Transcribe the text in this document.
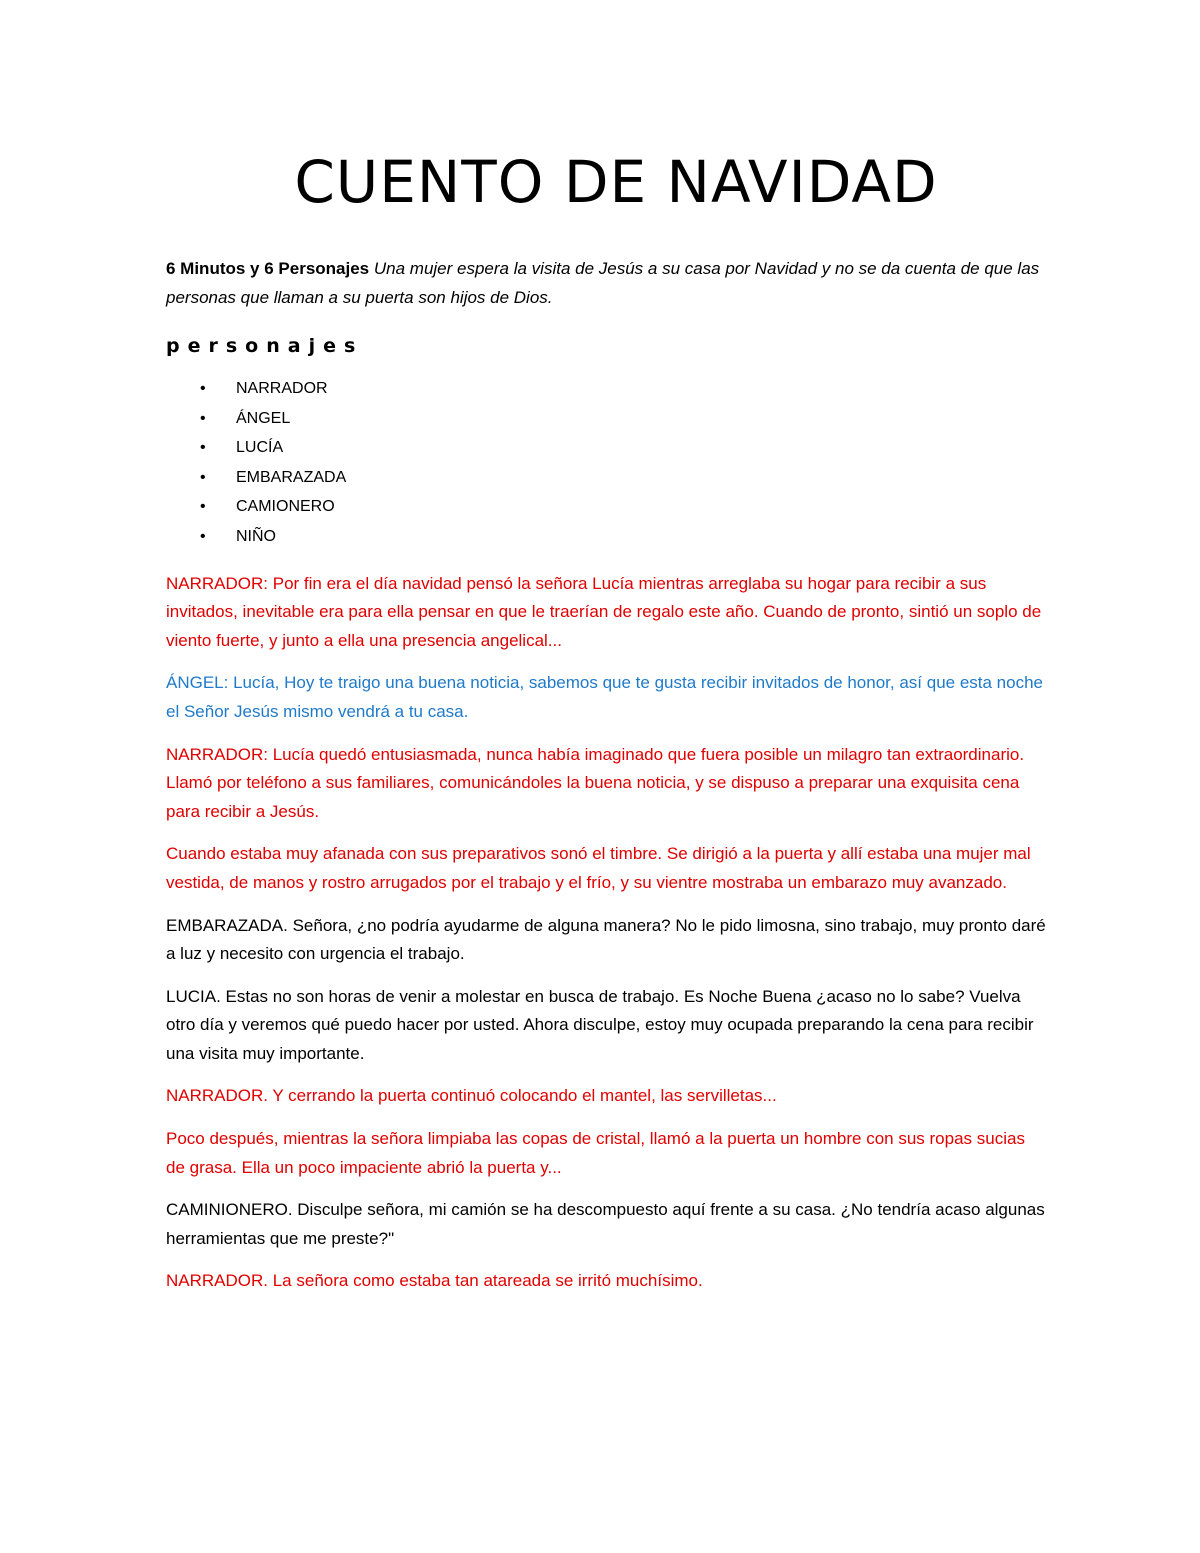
CUENTO DE NAVIDAD

6 Minutos y 6 Personajes Una mujer espera la visita de Jesús a su casa por Navidad y no se da cuenta de que las personas que llaman a su puerta son hijos de Dios.

personajes
• NARRADOR
• ÁNGEL
• LUCÍA
• EMBARAZADA
• CAMIONERO
• NIÑO

NARRADOR: Por fin era el día navidad pensó la señora Lucía mientras arreglaba su hogar para recibir a sus invitados, inevitable era para ella pensar en que le traerían de regalo este año. Cuando de pronto, sintió un soplo de viento fuerte, y junto a ella una presencia angelical...

ÁNGEL: Lucía, Hoy te traigo una buena noticia, sabemos que te gusta recibir invitados de honor, así que esta noche el Señor Jesús mismo vendrá a tu casa.

NARRADOR: Lucía quedó entusiasmada, nunca había imaginado que fuera posible un milagro tan extraordinario. Llamó por teléfono a sus familiares, comunicándoles la buena noticia, y se dispuso a preparar una exquisita cena para recibir a Jesús.

Cuando estaba muy afanada con sus preparativos sonó el timbre. Se dirigió a la puerta y allí estaba una mujer mal vestida, de manos y rostro arrugados por el trabajo y el frío, y su vientre mostraba un embarazo muy avanzado.

EMBARAZADA. Señora, ¿no podría ayudarme de alguna manera? No le pido limosna, sino trabajo, muy pronto daré a luz y necesito con urgencia el trabajo.

LUCIA. Estas no son horas de venir a molestar en busca de trabajo. Es Noche Buena ¿acaso no lo sabe? Vuelva otro día y veremos qué puedo hacer por usted. Ahora disculpe, estoy muy ocupada preparando la cena para recibir una visita muy importante.

NARRADOR. Y cerrando la puerta continuó colocando el mantel, las servilletas...

Poco después, mientras la señora limpiaba las copas de cristal, llamó a la puerta un hombre con sus ropas sucias de grasa. Ella un poco impaciente abrió la puerta y...

CAMINIONERO. Disculpe señora, mi camión se ha descompuesto aquí frente a su casa. ¿No tendría acaso algunas herramientas que me preste?"

NARRADOR. La señora como estaba tan atareada se irritó muchísimo.
